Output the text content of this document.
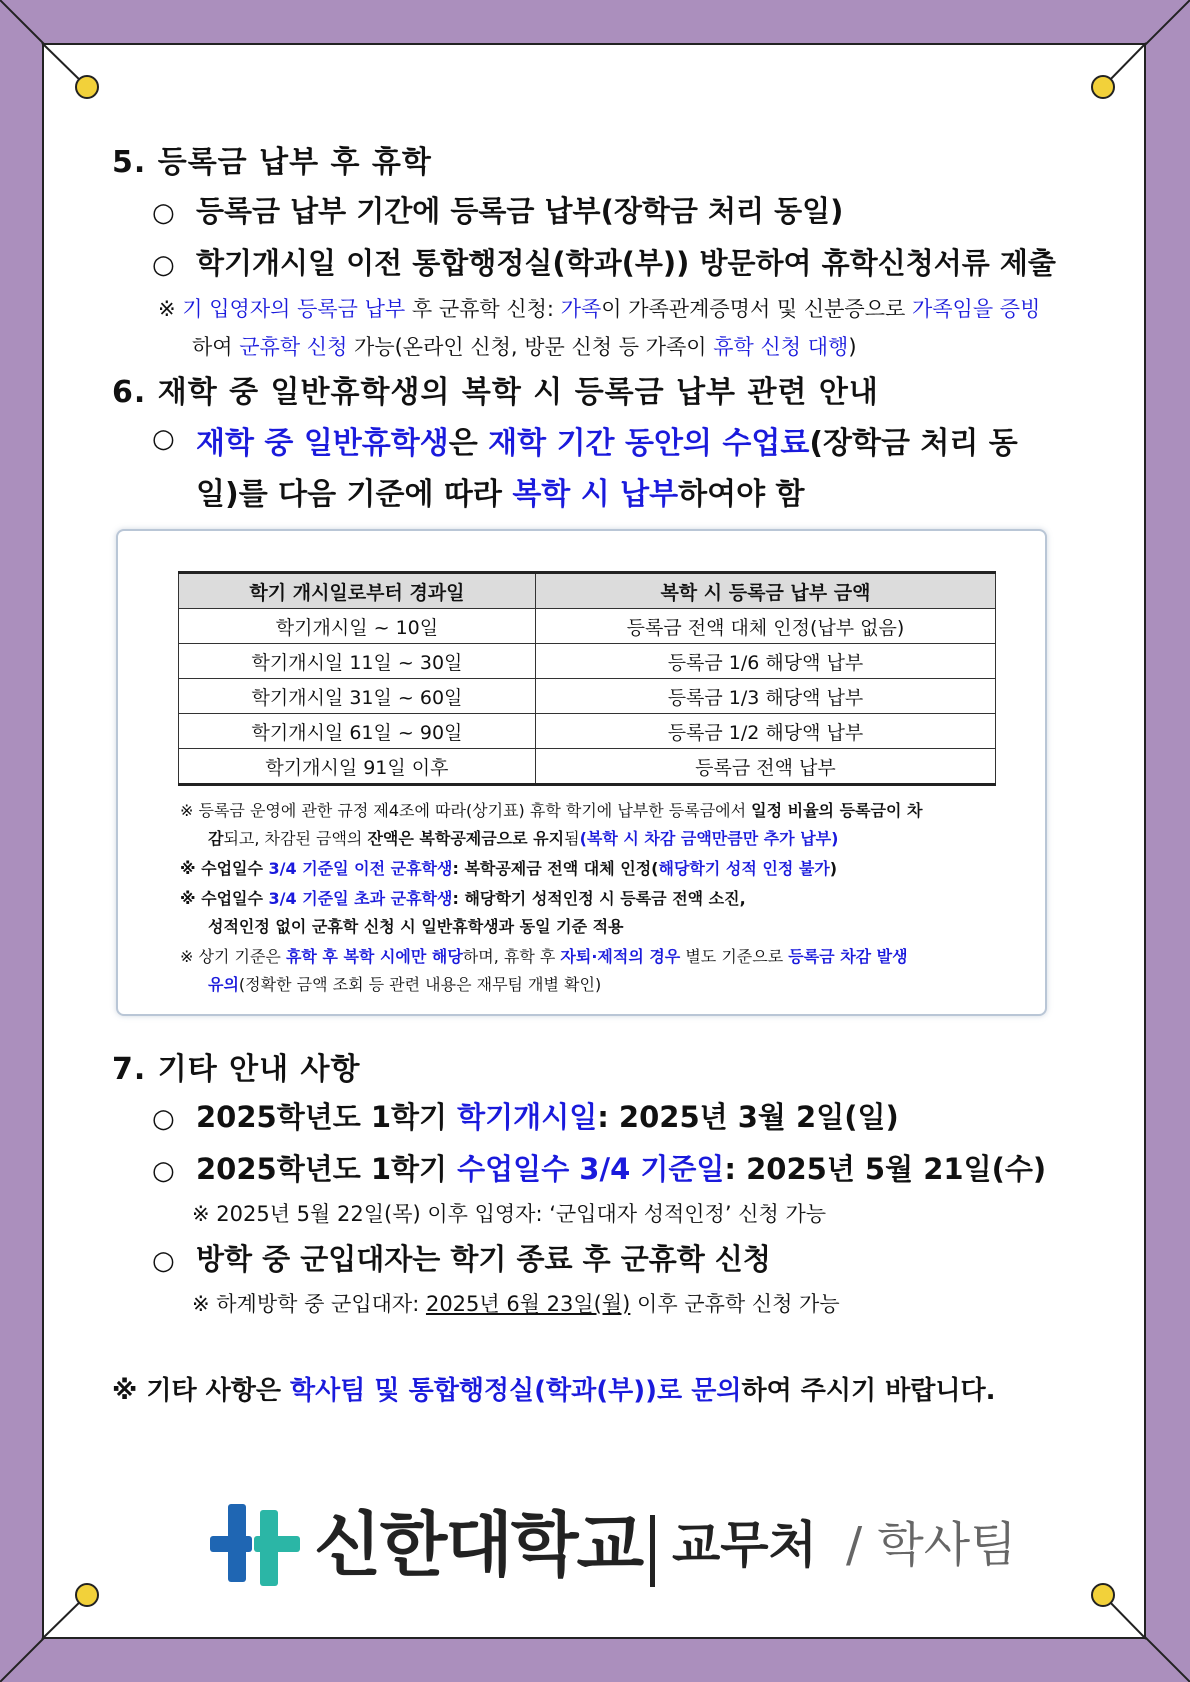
5. 등록금 납부 후 휴학
○ 등록금 납부 기간에 등록금 납부(장학금 처리 동일)
○ 학기개시일 이전 통합행정실(학과(부)) 방문하여 휴학신청서류 제출
※ 기 입영자의 등록금 납부 후 군휴학 신청: 가족이 가족관계증명서 및 신분증으로 가족임을 증빙
하여 군휴학 신청 가능(온라인 신청, 방문 신청 등 가족이 휴학 신청 대행)
6. 재학 중 일반휴학생의 복학 시 등록금 납부 관련 안내
○ 재학 중 일반휴학생은 재학 기간 동안의 수업료(장학금 처리 동
일)를 다음 기준에 따라 복학 시 납부하여야 함
학기 개시일로부터 경과일	복학 시 등록금 납부 금액
학기개시일 ~ 10일	등록금 전액 대체 인정(납부 없음)
학기개시일 11일 ~ 30일	등록금 1/6 해당액 납부
학기개시일 31일 ~ 60일	등록금 1/3 해당액 납부
학기개시일 61일 ~ 90일	등록금 1/2 해당액 납부
학기개시일 91일 이후	등록금 전액 납부
※ 등록금 운영에 관한 규정 제4조에 따라(상기표) 휴학 학기에 납부한 등록금에서 일정 비율의 등록금이 차
감되고, 차감된 금액의 잔액은 복학공제금으로 유지됨(복학 시 차감 금액만큼만 추가 납부)
※ 수업일수 3/4 기준일 이전 군휴학생: 복학공제금 전액 대체 인정(해당학기 성적 인정 불가)
※ 수업일수 3/4 기준일 초과 군휴학생: 해당학기 성적인정 시 등록금 전액 소진,
성적인정 없이 군휴학 신청 시 일반휴학생과 동일 기준 적용
※ 상기 기준은 휴학 후 복학 시에만 해당하며, 휴학 후 자퇴·제적의 경우 별도 기준으로 등록금 차감 발생
유의(정확한 금액 조회 등 관련 내용은 재무팀 개별 확인)
7. 기타 안내 사항
○ 2025학년도 1학기 학기개시일: 2025년 3월 2일(일)
○ 2025학년도 1학기 수업일수 3/4 기준일: 2025년 5월 21일(수)
※ 2025년 5월 22일(목) 이후 입영자: ‘군입대자 성적인정’ 신청 가능
○ 방학 중 군입대자는 학기 종료 후 군휴학 신청
※ 하계방학 중 군입대자: 2025년 6월 23일(월) 이후 군휴학 신청 가능
※ 기타 사항은 학사팀 및 통합행정실(학과(부))로 문의하여 주시기 바랍니다.
신한대학교 교무처 / 학사팀
